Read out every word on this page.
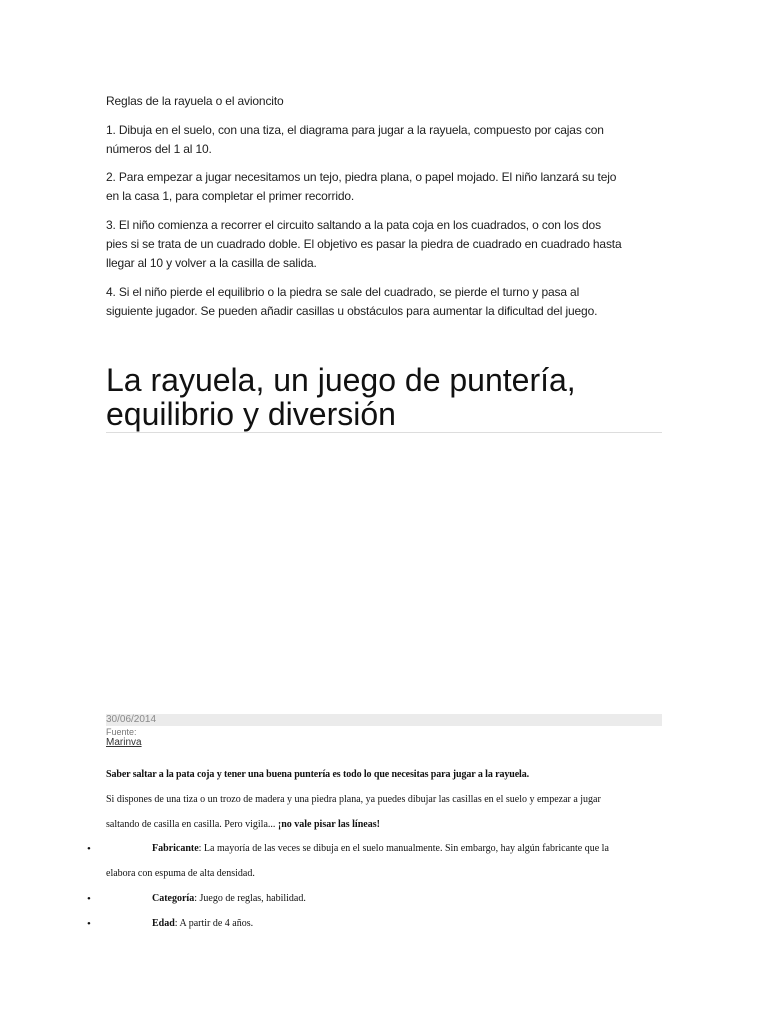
Reglas de la rayuela o el avioncito
1. Dibuja en el suelo, con una tiza, el diagrama para jugar a la rayuela, compuesto por cajas con
números del 1 al 10.
2. Para empezar a jugar necesitamos un tejo, piedra plana, o papel mojado. El niño lanzará su tejo
en la casa 1, para completar el primer recorrido.
3. El niño comienza a recorrer el circuito saltando a la pata coja en los cuadrados, o con los dos
pies si se trata de un cuadrado doble. El objetivo es pasar la piedra de cuadrado en cuadrado hasta
llegar al 10 y volver a la casilla de salida.
4. Si el niño pierde el equilibrio o la piedra se sale del cuadrado, se pierde el turno y pasa al
siguiente jugador. Se pueden añadir casillas u obstáculos para aumentar la dificultad del juego.
La rayuela, un juego de puntería,
equilibrio y diversión
30/06/2014
Fuente:
Marinva
Saber saltar a la pata coja y tener una buena puntería es todo lo que necesitas para jugar a la rayuela.
Si dispones de una tiza o un trozo de madera y una piedra plana, ya puedes dibujar las casillas en el suelo y empezar a jugar
saltando de casilla en casilla. Pero vigila... ¡no vale pisar las líneas!
•	Fabricante: La mayoría de las veces se dibuja en el suelo manualmente. Sin embargo, hay algún fabricante que la
elabora con espuma de alta densidad.
•	Categoría: Juego de reglas, habilidad.
•	Edad: A partir de 4 años.
